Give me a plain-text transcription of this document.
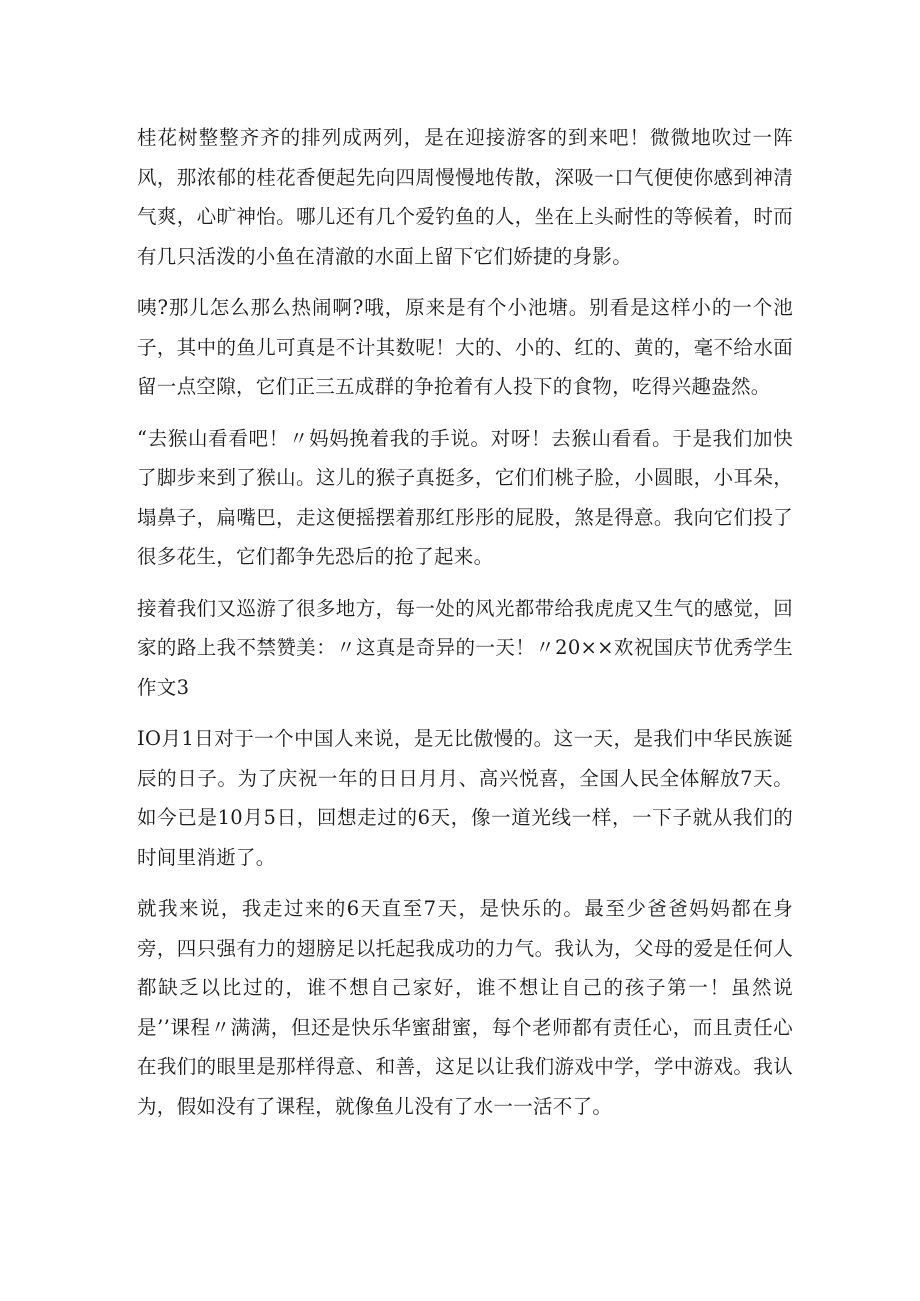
桂花树整整齐齐的排列成两列，是在迎接游客的到来吧！微微地吹过一阵风，那浓郁的桂花香便起先向四周慢慢地传散，深吸一口气便使你感到神清气爽，心旷神怡。哪儿还有几个爱钓鱼的人，坐在上头耐性的等候着，时而有几只活泼的小鱼在清澈的水面上留下它们娇捷的身影。

咦?那儿怎么那么热闹啊?哦，原来是有个小池塘。别看是这样小的一个池子，其中的鱼儿可真是不计其数呢！大的、小的、红的、黄的，毫不给水面留一点空隙，它们正三五成群的争抢着有人投下的食物，吃得兴趣盎然。

“去猴山看看吧！〃妈妈挽着我的手说。对呀！去猴山看看。于是我们加快了脚步来到了猴山。这儿的猴子真挺多，它们们桃子脸，小圆眼，小耳朵，塌鼻子，扁嘴巴，走这便摇摆着那红彤彤的屁股，煞是得意。我向它们投了很多花生，它们都争先恐后的抢了起来。

接着我们又巡游了很多地方，每一处的风光都带给我虎虎又生气的感觉，回家的路上我不禁赞美：〃这真是奇异的一天！〃20××欢祝国庆节优秀学生作文3

IO月1日对于一个中国人来说，是无比傲慢的。这一天，是我们中华民族诞辰的日子。为了庆祝一年的日日月月、高兴悦喜，全国人民全体解放7天。如今已是10月5日，回想走过的6天，像一道光线一样，一下子就从我们的时间里消逝了。

就我来说，我走过来的6天直至7天，是快乐的。最至少爸爸妈妈都在身旁，四只强有力的翅膀足以托起我成功的力气。我认为，父母的爱是任何人都缺乏以比过的，谁不想自己家好，谁不想让自己的孩子第一！虽然说是’’课程〃满满，但还是快乐华蜜甜蜜，每个老师都有责任心，而且责任心在我们的眼里是那样得意、和善，这足以让我们游戏中学，学中游戏。我认为，假如没有了课程，就像鱼儿没有了水一一活不了。
